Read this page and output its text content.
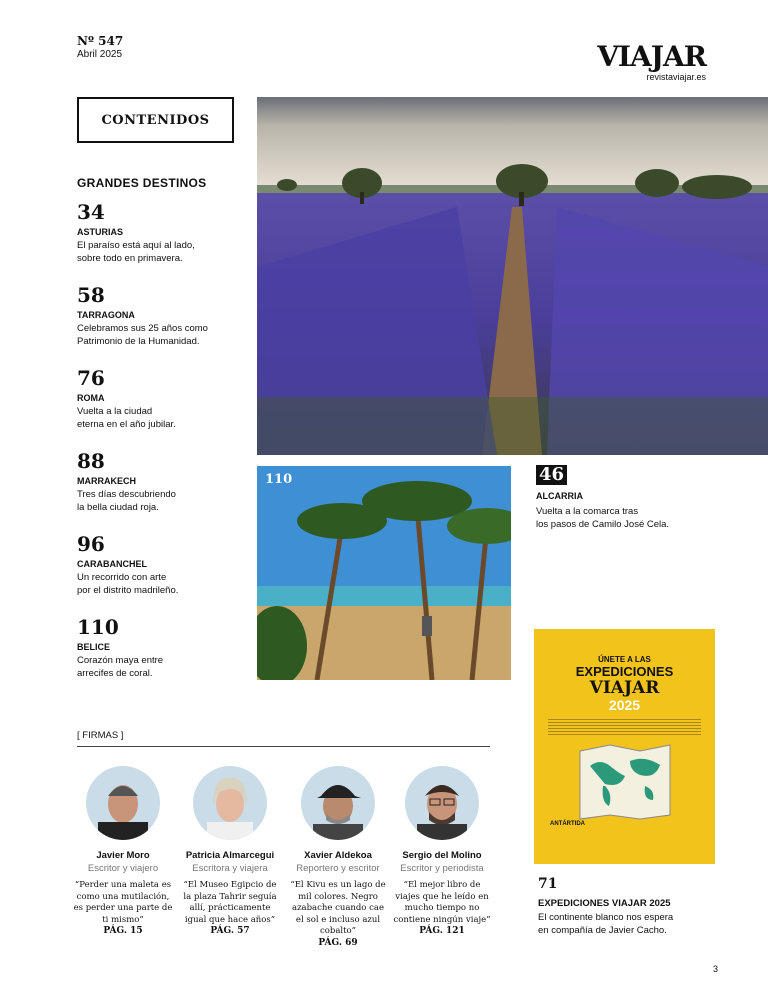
Nº 547
Abril 2025	VIAJAR
revistaviajar.es
CONTENIDOS
GRANDES DESTINOS
34
ASTURIAS
El paraíso está aquí al lado,
sobre todo en primavera.
58
TARRAGONA
Celebramos sus 25 años como
Patrimonio de la Humanidad.
76
ROMA
Vuelta a la ciudad
eterna en el año jubilar.
88
MARRAKECH
Tres días descubriendo
la bella ciudad roja.
96
CARABANCHEL
Un recorrido con arte
por el distrito madrileño.
110
BELICE
Corazón maya entre
arrecifes de coral.
110	46
ALCARRIA
Vuelta a la comarca tras
los pasos de Camilo José Cela.
ÚNETE A LAS
EXPEDICIONES
VIAJAR
2025
ANTÁRTIDA
71
EXPEDICIONES VIAJAR 2025
El continente blanco nos espera
en compañía de Javier Cacho.
[ FIRMAS ]
Javier Moro
Escritor y viajero
“Perder una maleta es como una mutilación, es perder una parte de ti mismo”
PÁG. 15
Patricia Almarcegui
Escritora y viajera
“El Museo Egipcio de la plaza Tahrir seguía allí, prácticamente igual que hace años”
PÁG. 57
Xavier Aldekoa
Reportero y escritor
“El Kivu es un lago de mil colores. Negro azabache cuando cae el sol e incluso azul cobalto”
PÁG. 69
Sergio del Molino
Escritor y periodista
“El mejor libro de viajes que he leído en mucho tiempo no contiene ningún viaje”
PÁG. 121
3
